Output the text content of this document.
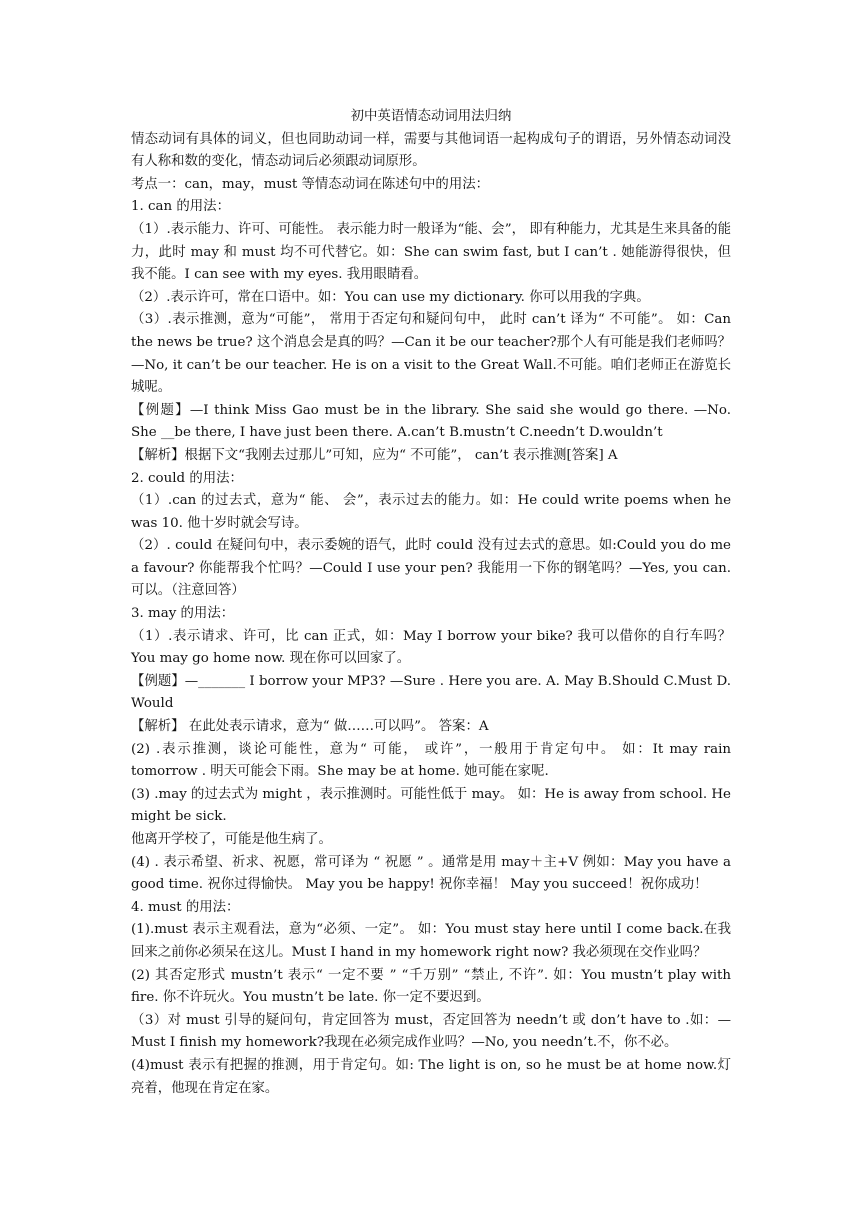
初中英语情态动词用法归纳

情态动词有具体的词义，但也同助动词一样，需要与其他词语一起构成句子的谓语，另外情态动词没有人称和数的变化，情态动词后必须跟动词原形。

考点一：can，may，must 等情态动词在陈述句中的用法：

1. can 的用法：

（1）.表示能力、许可、可能性。 表示能力时一般译为“能、会”， 即有种能力，尤其是生来具备的能力，此时 may 和 must 均不可代替它。如：She can swim fast, but I can’t . 她能游得很快，但我不能。I can see with my eyes. 我用眼睛看。

（2）.表示许可，常在口语中。如：You can use my dictionary. 你可以用我的字典。

（3）.表示推测，意为“可能”， 常用于否定句和疑问句中， 此时 can’t 译为“ 不可能”。 如：Can the news be true? 这个消息会是真的吗？—Can it be our teacher?那个人有可能是我们老师吗？—No, it can’t be our teacher. He is on a visit to the Great Wall.不可能。咱们老师正在游览长城呢。

【例题】—I think Miss Gao must be in the library. She said she would go there. —No. She __be there, I have just been there. A.can’t B.mustn’t C.needn’t D.wouldn’t

【解析】根据下文“我刚去过那儿”可知，应为“ 不可能”， can’t 表示推测[答案] A

2. could 的用法：

（1）.can 的过去式，意为“ 能、 会”，表示过去的能力。如：He could write poems when he was 10. 他十岁时就会写诗。

（2）. could 在疑问句中，表示委婉的语气，此时 could 没有过去式的意思。如:Could you do me a favour? 你能帮我个忙吗？—Could I use your pen? 我能用一下你的钢笔吗？—Yes, you can.可以。（注意回答）

3. may 的用法：

（1）.表示请求、许可，比 can 正式，如：May I borrow your bike? 我可以借你的自行车吗？You may go home now. 现在你可以回家了。

【例题】—_______ I borrow your MP3? —Sure . Here you are. A. May B.Should C.Must D. Would

【解析】 在此处表示请求，意为“ 做……可以吗”。 答案：A

(2) .表示推测，谈论可能性，意为“ 可能， 或许”，一般用于肯定句中。 如：It may rain tomorrow . 明天可能会下雨。She may be at home. 她可能在家呢.

(3) .may 的过去式为 might ，表示推测时。可能性低于 may。 如：He is away from school. He might be sick.

他离开学校了，可能是他生病了。

(4) . 表示希望、祈求、祝愿，常可译为 “ 祝愿 ” 。通常是用 may＋主+V 例如：May you have a good time. 祝你过得愉快。 May you be happy! 祝你幸福！ May you succeed！祝你成功！

4. must 的用法：

(1).must 表示主观看法，意为“必须、一定”。 如：You must stay here until I come back.在我回来之前你必须呆在这儿。Must I hand in my homework right now? 我必须现在交作业吗？

(2) 其否定形式 mustn’t 表示“ 一定不要 ” “千万别” “禁止, 不许”. 如：You mustn’t play with fire. 你不许玩火。You mustn’t be late. 你一定不要迟到。

（3）对 must 引导的疑问句，肯定回答为 must，否定回答为 needn’t 或 don’t have to .如：—Must I finish my homework?我现在必须完成作业吗？—No, you needn’t.不，你不必。

(4)must 表示有把握的推测，用于肯定句。如: The light is on, so he must be at home now.灯亮着，他现在肯定在家。
